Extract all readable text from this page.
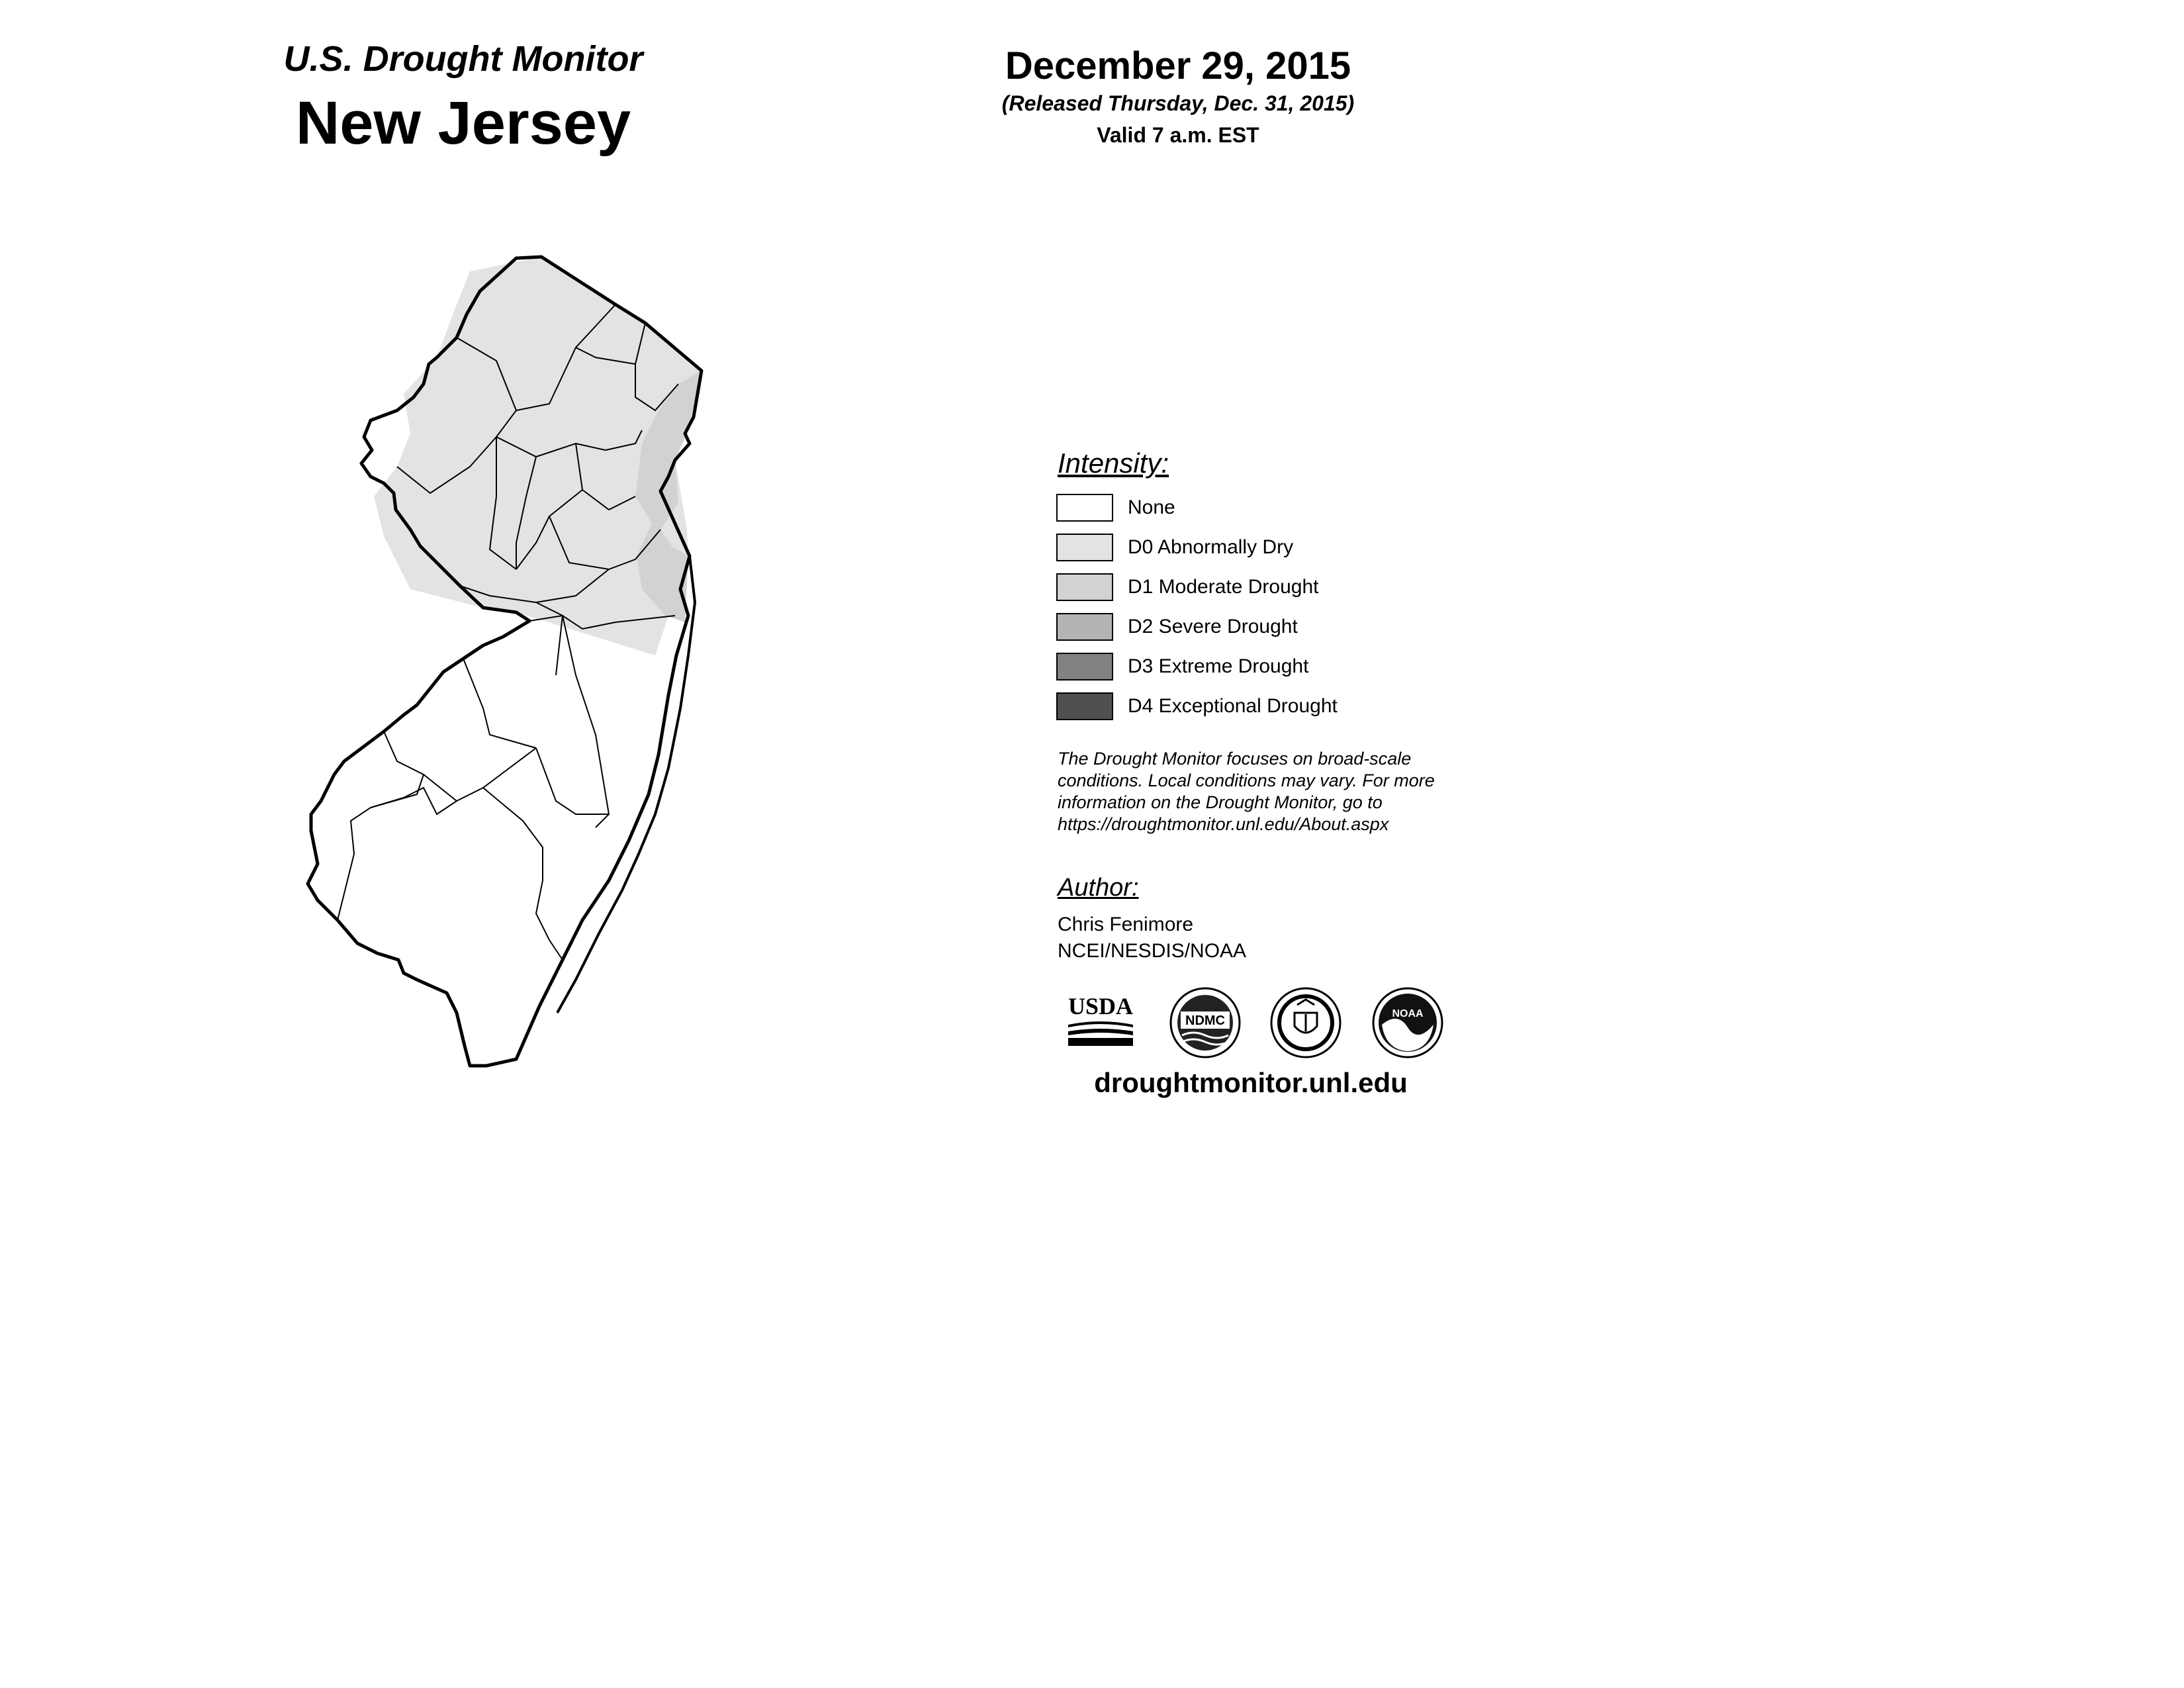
U.S. Drought Monitor
New Jersey
December 29, 2015
(Released Thursday, Dec. 31, 2015)
Valid 7 a.m. EST
Intensity:
None
D0 Abnormally Dry
D1 Moderate Drought
D2 Severe Drought
D3 Extreme Drought
D4 Exceptional Drought
The Drought Monitor focuses on broad-scale conditions. Local conditions may vary. For more information on the Drought Monitor, go to https://droughtmonitor.unl.edu/About.aspx
Author:
Chris Fenimore
NCEI/NESDIS/NOAA
USDA
NDMC	NOAA
droughtmonitor.unl.edu
